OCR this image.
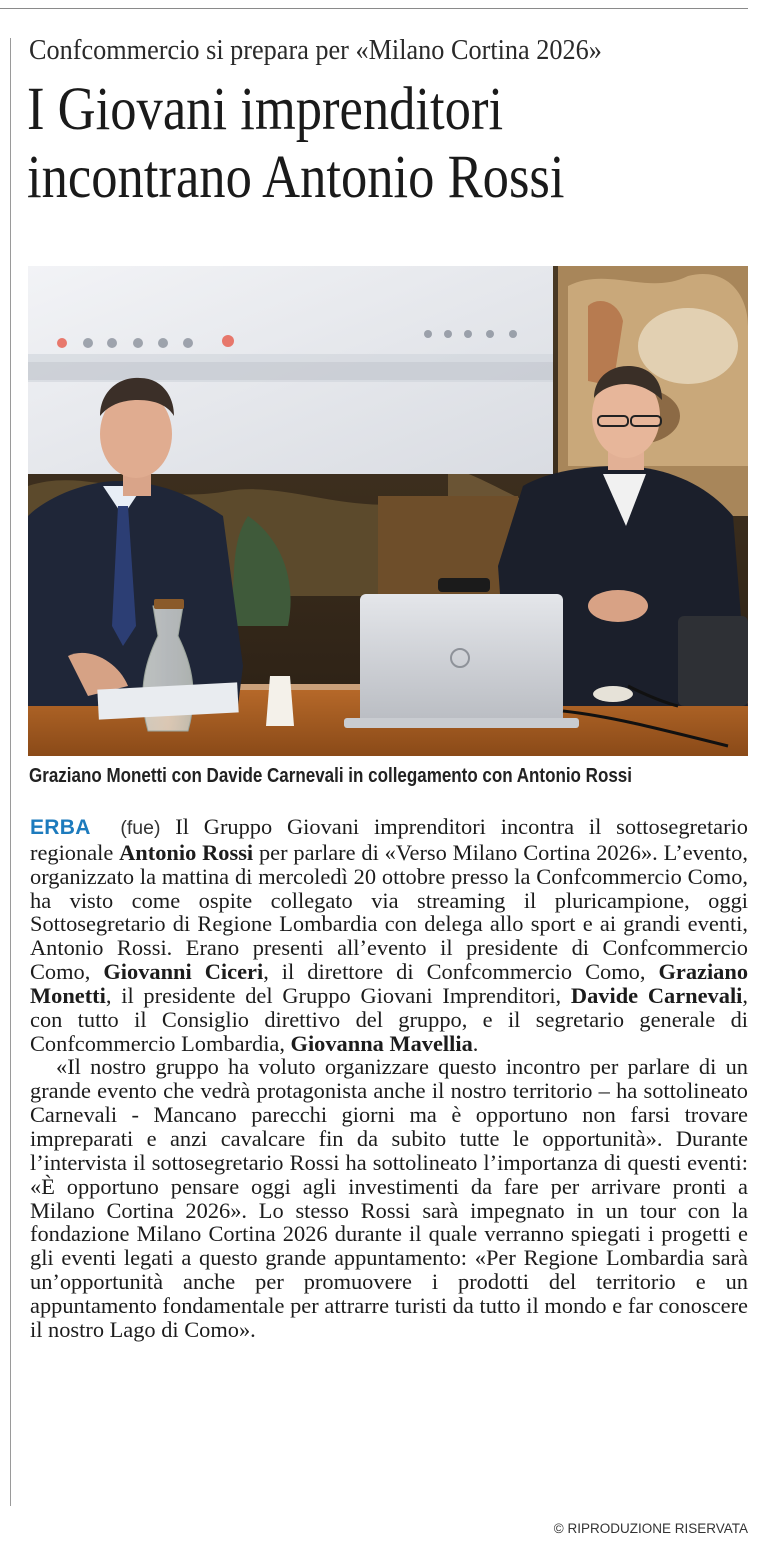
Confcommercio si prepara per «Milano Cortina 2026»
I Giovani imprenditori
incontrano Antonio Rossi
Graziano Monetti con Davide Carnevali in collegamento con Antonio Rossi

ERBA (fue) Il Gruppo Giovani imprenditori incontra il sottosegretario regionale Antonio Rossi per parlare di «Verso Milano Cortina 2026». L’evento, organizzato la mattina di mercoledì 20 ottobre presso la Confcommercio Como, ha visto come ospite collegato via streaming il pluricampione, oggi Sottosegretario di Regione Lombardia con delega allo sport e ai grandi eventi, Antonio Rossi. Erano presenti all’evento il presidente di Confcommercio Como, Giovanni Ciceri, il direttore di Confcommercio Como, Graziano Monetti, il presidente del Gruppo Giovani Imprenditori, Davide Carnevali, con tutto il Consiglio direttivo del gruppo, e il segretario generale di Confcommercio Lombardia, Giovanna Mavellia.

«Il nostro gruppo ha voluto organizzare questo incontro per parlare di un grande evento che vedrà protagonista anche il nostro territorio – ha sottolineato Carnevali - Mancano parecchi giorni ma è opportuno non farsi trovare impreparati e anzi cavalcare fin da subito tutte le opportunità». Durante l’intervista il sottosegretario Rossi ha sottolineato l’importanza di questi eventi: «È opportuno pensare oggi agli investimenti da fare per arrivare pronti a Milano Cortina 2026». Lo stesso Rossi sarà impegnato in un tour con la fondazione Milano Cortina 2026 durante il quale verranno spiegati i progetti e gli eventi legati a questo grande appuntamento: «Per Regione Lombardia sarà un’opportunità anche per promuovere i prodotti del territorio e un appuntamento fondamentale per attrarre turisti da tutto il mondo e far conoscere il nostro Lago di Como».

© RIPRODUZIONE RISERVATA
